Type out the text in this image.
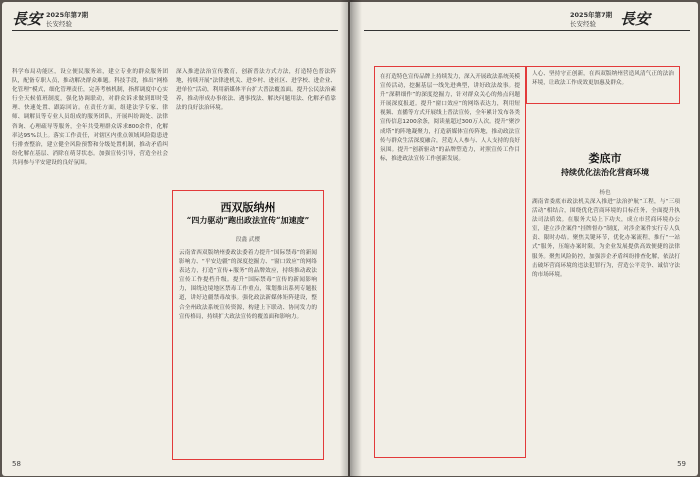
長安 2025年第7期
长安经验
科学布局功能区，设立便民服务站，建立专业的群众服务团队，配备专职人员，推动解决群众难题。科技手段，推出“网格化管理”模式，细化管理责任，完善考核机制，指挥调度中心实行全天候值班制度，强化协调联动，对群众诉求做到即时受理、快速处置、跟踪回访。在责任方面，组建法学专家、律师、调解员等专业人员组成的服务团队，开展纠纷调处、法律咨询、心理疏导等服务，全年共受理群众诉求800余件，化解率达95%以上。落实工作责任，对辖区内重点领域风险隐患进行排查整治，建立健全风险预警和分级处置机制，推动矛盾纠纷化解在基层、消除在萌芽状态。加强宣传引导，营造全社会共同参与平安建设的良好氛围。
深入推进法治宣传教育，创新普法方式方法，打造特色普法阵地，持续开展“法律进机关、进乡村、进社区、进学校、进企业、进单位”活动，利用新媒体平台扩大普法覆盖面。提升公民法治素养，推动形成办事依法、遇事找法、解决问题用法、化解矛盾靠法的良好法治环境。
西双版纳州
“四力驱动”跑出政法宣传“加速度”
段鑫 武樱
云南省西双版纳州委政法委着力提升“国际禁毒”的新闻影响力、“平安边疆”的深度挖掘力、“窗口效应”的网络表达力，打造“宣传+服务”的品牌效应，持续推动政法宣传工作提档升级。提升“国际禁毒”宣传的新闻影响力，围绕边境地区禁毒工作重点，策划推出系列专题报道，讲好边疆禁毒故事。强化政法新媒体矩阵建设，整合全州政法系统宣传资源，构建上下联动、协同发力的宣传格局，持续扩大政法宣传的覆盖面和影响力。
58
2025年第7期
长安经验 長安
在打造特色宣传品牌上持续发力，深入开展政法系统英模宣传活动，挖掘基层一线先进典型，讲好政法故事。提升“深耕细作”的深度挖掘力，针对群众关心的热点问题开展深度报道。提升“窗口效应”的网络表达力，利用短视频、直播等方式开展线上普法宣传，全年累计发布各类宣传信息1200余条，阅读量超过300万人次。提升“聚沙成塔”的阵地凝聚力，打造新媒体宣传阵地，推动政法宣传与群众生活深度融合，营造人人参与、人人支持的良好氛围。提升“创新驱动”的品牌塑造力，对照宣传工作目标，推进政法宣传工作创新发展。
人心、坚持守正创新，在西双版纳州营造风清气正的法治环境，让政法工作成效更加惠及群众。
娄底市
持续优化法治化营商环境
杨也
湖南省娄底市政法机关深入推进“法治护航”工程，与“三项活动”相结合，围绕优化营商环境的目标任务，全面提升执法司法质效。在服务大局上下功夫，成立市营商环境办公室，建立涉企案件“挂牌督办”制度，对涉企案件实行专人负责、限时办结。聚焦关键环节，优化办案流程，推行“一站式”服务，压缩办案时限，为企业发展提供高效便捷的法律服务。聚焦风险防控，加强涉企矛盾纠纷排查化解，依法打击破坏营商环境的违法犯罪行为，营造公平竞争、诚信守法的市场环境。
59
